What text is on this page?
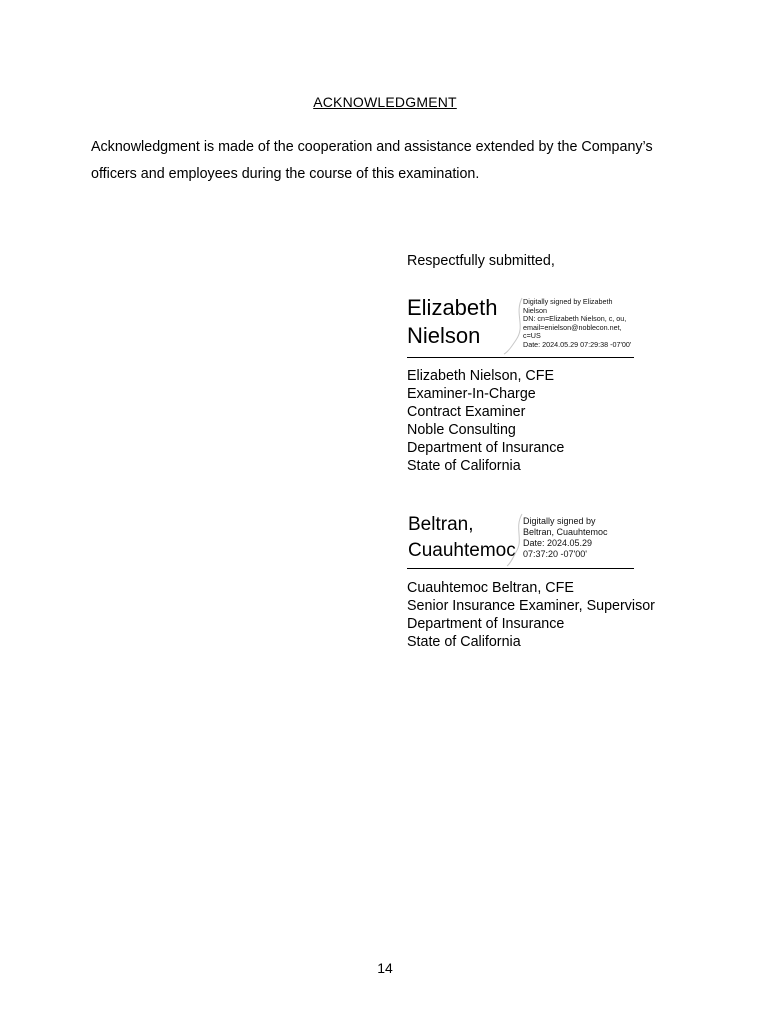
ACKNOWLEDGMENT
Acknowledgment is made of the cooperation and assistance extended by the Company’s officers and employees during the course of this examination.
Respectfully submitted,
Elizabeth
Nielson
Digitally signed by Elizabeth
Nielson
DN: cn=Elizabeth Nielson, c, ou,
email=enielson@noblecon.net,
c=US
Date: 2024.05.29 07:29:38 -07'00'
Elizabeth Nielson, CFE
Examiner-In-Charge
Contract Examiner
Noble Consulting
Department of Insurance
State of California
Beltran,
Cuauhtemoc
Digitally signed by
Beltran, Cuauhtemoc
Date: 2024.05.29
07:37:20 -07'00'
Cuauhtemoc Beltran, CFE
Senior Insurance Examiner, Supervisor
Department of Insurance
State of California
14
